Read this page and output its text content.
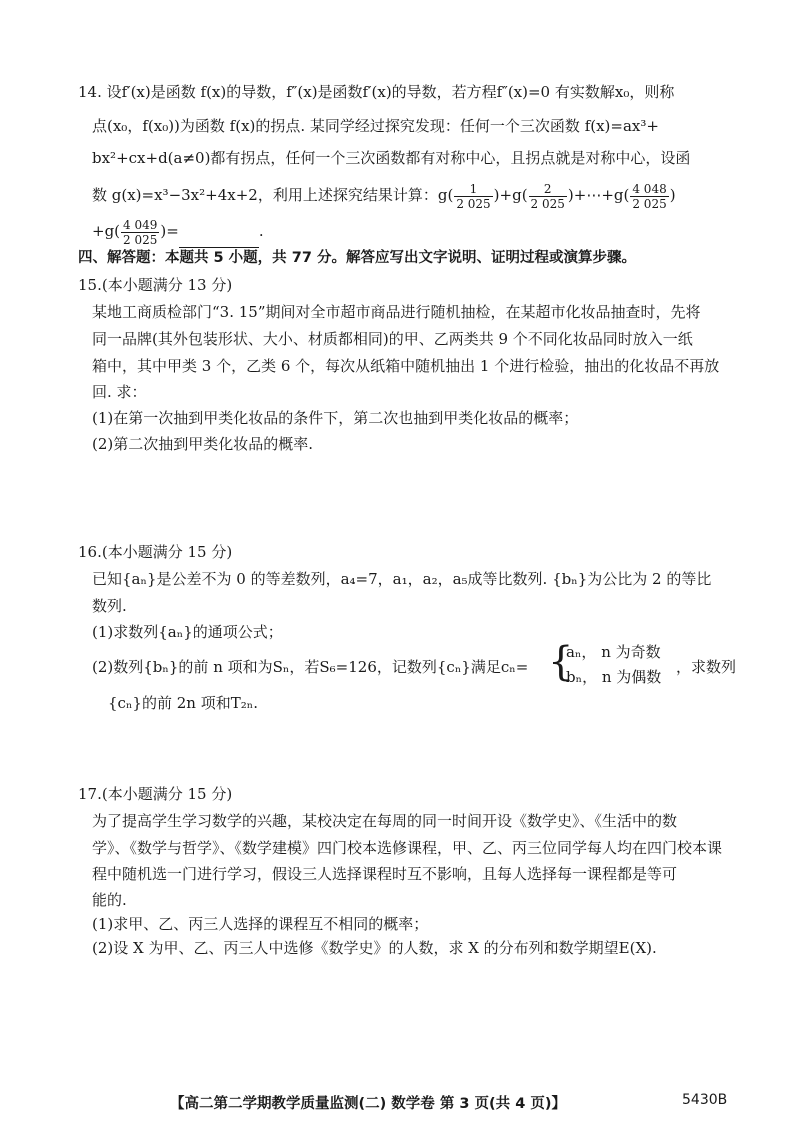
14. 设f′(x)是函数 f(x)的导数，f″(x)是函数f′(x)的导数，若方程f″(x)=0 有实数解x₀，则称
点(x₀，f(x₀))为函数 f(x)的拐点. 某同学经过探究发现：任何一个三次函数 f(x)=ax³+
bx²+cx+d(a≠0)都有拐点，任何一个三次函数都有对称中心，且拐点就是对称中心，设函
数 g(x)=x³−3x²+4x+2，利用上述探究结果计算：$g( \frac{1}{2 025} )+g( \frac{2}{2 025}$ )+⋯+g( $\frac{4 048}{2 025}$ )
$+g( \frac{4 049}{2 025}$ )=	.
四、解答题：本题共 5 小题，共 77 分。解答应写出文字说明、证明过程或演算步骤。
15.(本小题满分 13 分)
某地工商质检部门“3. 15”期间对全市超市商品进行随机抽检，在某超市化妆品抽查时，先将
同一品牌(其外包装形状、大小、材质都相同)的甲、乙两类共 9 个不同化妆品同时放入一纸
箱中，其中甲类 3 个，乙类 6 个，每次从纸箱中随机抽出 1 个进行检验，抽出的化妆品不再放
回. 求：
(1)在第一次抽到甲类化妆品的条件下，第二次也抽到甲类化妆品的概率；
(2)第二次抽到甲类化妆品的概率.
16.(本小题满分 15 分)
已知{aₙ}是公差不为 0 的等差数列，a₄=7，a₁，a₂，a₅成等比数列. {bₙ}为公比为 2 的等比
数列.
(1)求数列{aₙ}的通项公式；
(2)数列{bₙ}的前 n 项和为Sₙ，若S₆=126，记数列{cₙ}满足cₙ= {
aₙ， n 为奇数
bₙ， n 为偶数
，求数列
{cₙ}的前 2n 项和T₂ₙ.
17.(本小题满分 15 分)
为了提高学生学习数学的兴趣，某校决定在每周的同一时间开设《数学史》、《生活中的数
学》、《数学与哲学》、《数学建模》四门校本选修课程，甲、乙、丙三位同学每人均在四门校本课
程中随机选一门进行学习，假设三人选择课程时互不影响，且每人选择每一课程都是等可
能的.
(1)求甲、乙、丙三人选择的课程互不相同的概率；
(2)设 X 为甲、乙、丙三人中选修《数学史》的人数，求 X 的分布列和数学期望E(X).
【高二第二学期教学质量监测(二) 数学卷 第 3 页(共 4 页)】	5430B
